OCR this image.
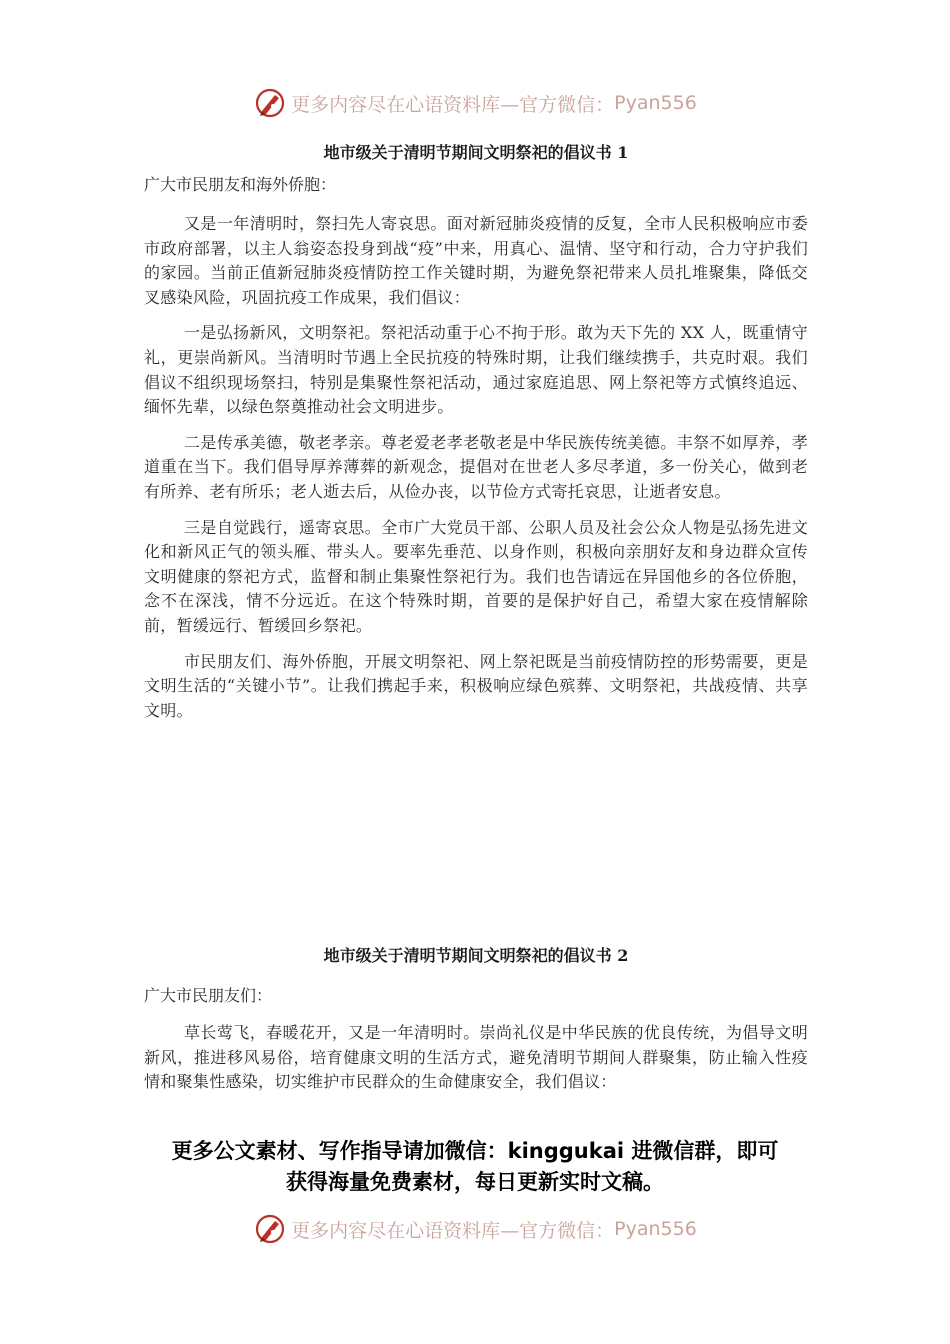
更多内容尽在心语资料库—官方微信： Pyan556

地市级关于清明节期间文明祭祀的倡议书 1

广大市民朋友和海外侨胞：

又是一年清明时，祭扫先人寄哀思。面对新冠肺炎疫情的反复，全市人民积极响应市委市政府部署，以主人翁姿态投身到战“疫”中来，用真心、温情、坚守和行动，合力守护我们的家园。当前正值新冠肺炎疫情防控工作关键时期，为避免祭祀带来人员扎堆聚集，降低交叉感染风险，巩固抗疫工作成果，我们倡议：

一是弘扬新风，文明祭祀。祭祀活动重于心不拘于形。敢为天下先的 XX 人，既重情守礼，更崇尚新风。当清明时节遇上全民抗疫的特殊时期，让我们继续携手，共克时艰。我们倡议不组织现场祭扫，特别是集聚性祭祀活动，通过家庭追思、网上祭祀等方式慎终追远、缅怀先辈，以绿色祭奠推动社会文明进步。

二是传承美德，敬老孝亲。尊老爱老孝老敬老是中华民族传统美德。丰祭不如厚养，孝道重在当下。我们倡导厚养薄葬的新观念，提倡对在世老人多尽孝道，多一份关心，做到老有所养、老有所乐；老人逝去后，从俭办丧，以节俭方式寄托哀思，让逝者安息。

三是自觉践行，遥寄哀思。全市广大党员干部、公职人员及社会公众人物是弘扬先进文化和新风正气的领头雁、带头人。要率先垂范、以身作则，积极向亲朋好友和身边群众宣传文明健康的祭祀方式，监督和制止集聚性祭祀行为。我们也告请远在异国他乡的各位侨胞，念不在深浅，情不分远近。在这个特殊时期，首要的是保护好自己，希望大家在疫情解除前，暂缓远行、暂缓回乡祭祀。

市民朋友们、海外侨胞，开展文明祭祀、网上祭祀既是当前疫情防控的形势需要，更是文明生活的“关键小节”。让我们携起手来，积极响应绿色殡葬、文明祭祀，共战疫情、共享文明。

地市级关于清明节期间文明祭祀的倡议书 2

广大市民朋友们：

草长莺飞，春暖花开，又是一年清明时。崇尚礼仪是中华民族的优良传统，为倡导文明新风，推进移风易俗，培育健康文明的生活方式，避免清明节期间人群聚集，防止输入性疫情和聚集性感染，切实维护市民群众的生命健康安全，我们倡议：

更多公文素材、写作指导请加微信：kinggukai 进微信群，即可
获得海量免费素材，每日更新实时文稿。
更多内容尽在心语资料库—官方微信： Pyan556
